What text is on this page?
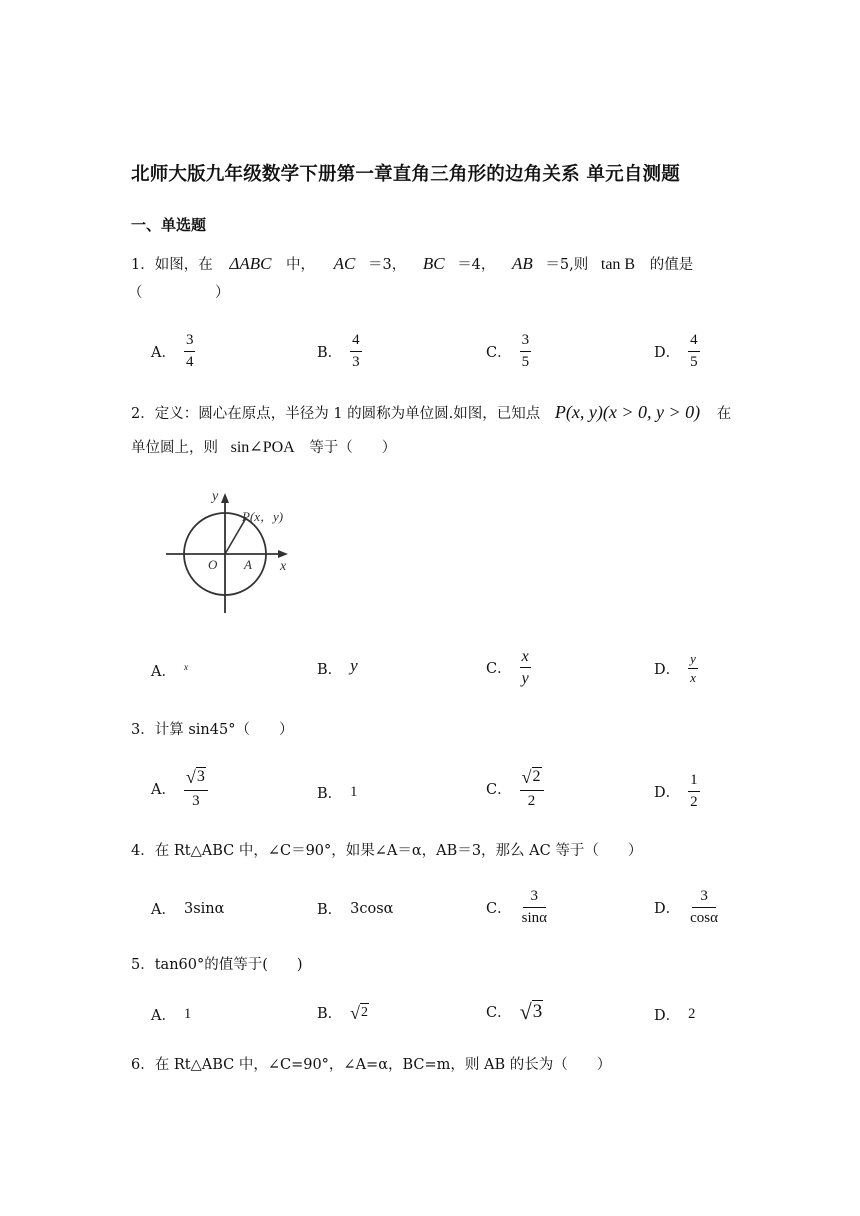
北师大版九年级数学下册第一章直角三角形的边角关系 单元自测题
一、单选题
1．如图，在 ΔABC 中， AC ＝3， BC ＝4， AB ＝5,则 tan B 的值是
（　　　　　）
A． $\frac{3}{4}$	B． $\frac{4}{3}$	C． $\frac{3}{5}$	D． $\frac{4}{5}$
2．定义：圆心在原点，半径为 1 的圆称为单位圆.如图，已知点 P(x, y)(x > 0, y > 0) 在
单位圆上，则 sin∠POA 等于（　　）
y
x
P(x，y)
O A
A． x	B． y	C． $\frac{x}{y}$	D． $\frac{y}{x}$
3．计算 sin45°（　　）
A． $\frac{√ 3}{3}$	B． 1	C． $\frac{√ 2}{2}$	D． $\frac{1}{2}$
4．在 Rt△ABC 中，∠C＝90°，如果∠A＝α，AB＝3，那么 AC 等于（　　）
A． 3sinα	B． 3cosα	C． $\frac{3}{\sin\alpha}$	D． $\frac{3}{\cos\alpha}$
5．tan60°的值等于(　　)
A． 1	B． √ 2	C． √ 3	D． 2
6．在 Rt△ABC 中，∠C=90°，∠A=α，BC=m，则 AB 的长为（　　）
